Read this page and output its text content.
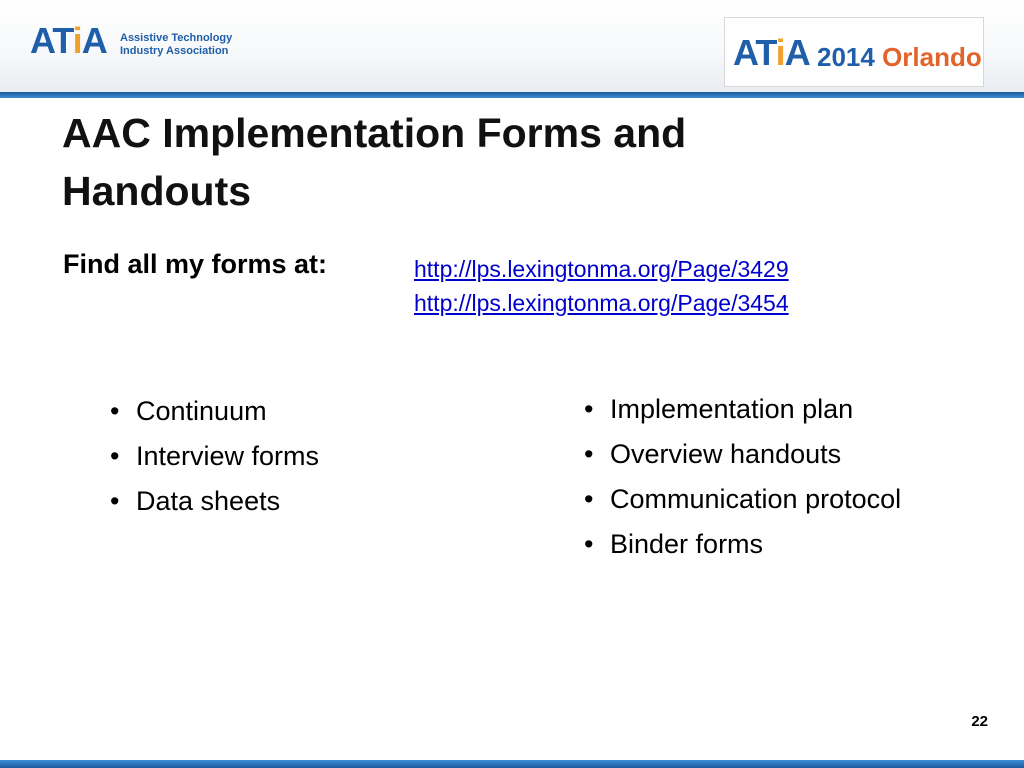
ATiA Assistive Technology
Industry Association	ATiA 2014 Orlando
AAC Implementation Forms and Handouts
Find all my forms at:	http://lps.lexingtonma.org/Page/3429
http://lps.lexingtonma.org/Page/3454
• Continuum
• Interview forms
• Data sheets
• Implementation plan
• Overview handouts
• Communication protocol
• Binder forms
22
